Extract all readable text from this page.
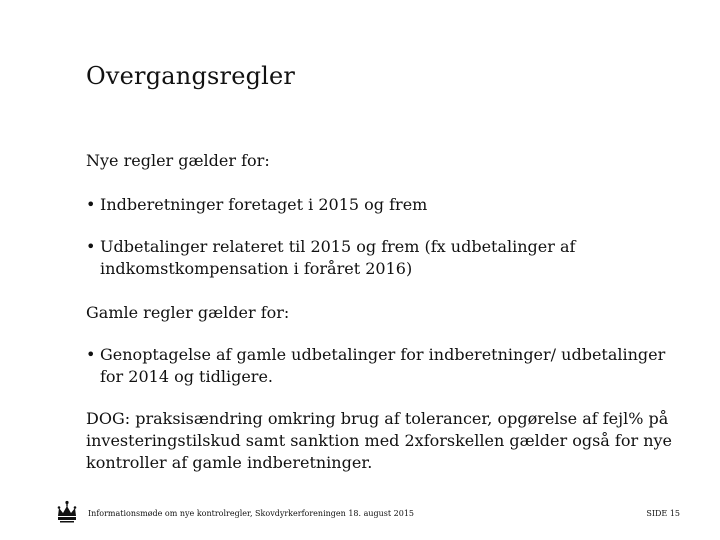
Overgangsregler
Nye regler gælder for:
• Indberetninger foretaget i 2015 og frem
• Udbetalinger relateret til 2015 og frem (fx udbetalinger af indkomstkompensation i foråret 2016)
Gamle regler gælder for:
• Genoptagelse af gamle udbetalinger for indberetninger/ udbetalinger for 2014 og tidligere.
DOG: praksisændring omkring brug af tolerancer, opgørelse af fejl% på investeringstilskud samt sanktion med 2xforskellen gælder også for nye kontroller af gamle indberetninger.
Informationsmøde om nye kontrolregler, Skovdyrkerforeningen 18. august 2015	SIDE 15
